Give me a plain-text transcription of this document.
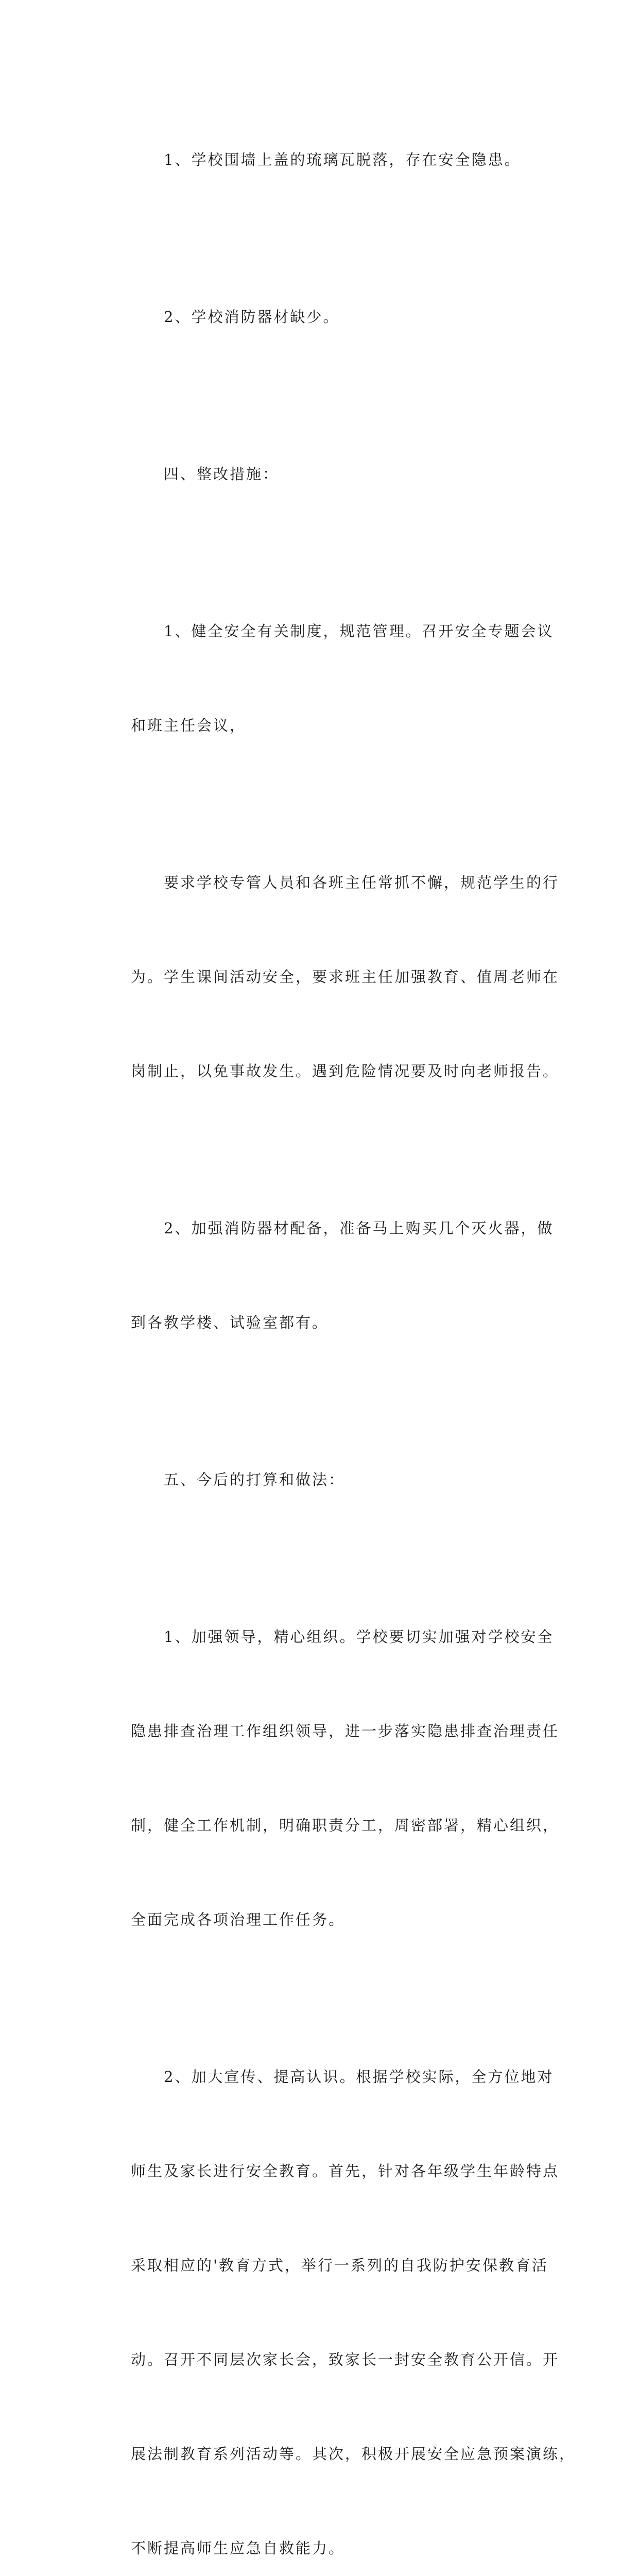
1、学校围墙上盖的琉璃瓦脱落，存在安全隐患。

2、学校消防器材缺少。

四、整改措施：

1、健全安全有关制度，规范管理。召开安全专题会议

和班主任会议，

要求学校专管人员和各班主任常抓不懈，规范学生的行

为。学生课间活动安全，要求班主任加强教育、值周老师在

岗制止，以免事故发生。遇到危险情况要及时向老师报告。

2、加强消防器材配备，准备马上购买几个灭火器，做

到各教学楼、试验室都有。

五、今后的打算和做法：

1、加强领导，精心组织。学校要切实加强对学校安全

隐患排查治理工作组织领导，进一步落实隐患排查治理责任

制，健全工作机制，明确职责分工，周密部署，精心组织，

全面完成各项治理工作任务。

2、加大宣传、提高认识。根据学校实际，全方位地对

师生及家长进行安全教育。首先，针对各年级学生年龄特点

采取相应的'教育方式，举行一系列的自我防护安保教育活

动。召开不同层次家长会，致家长一封安全教育公开信。开

展法制教育系列活动等。其次，积极开展安全应急预案演练，

不断提高师生应急自救能力。
